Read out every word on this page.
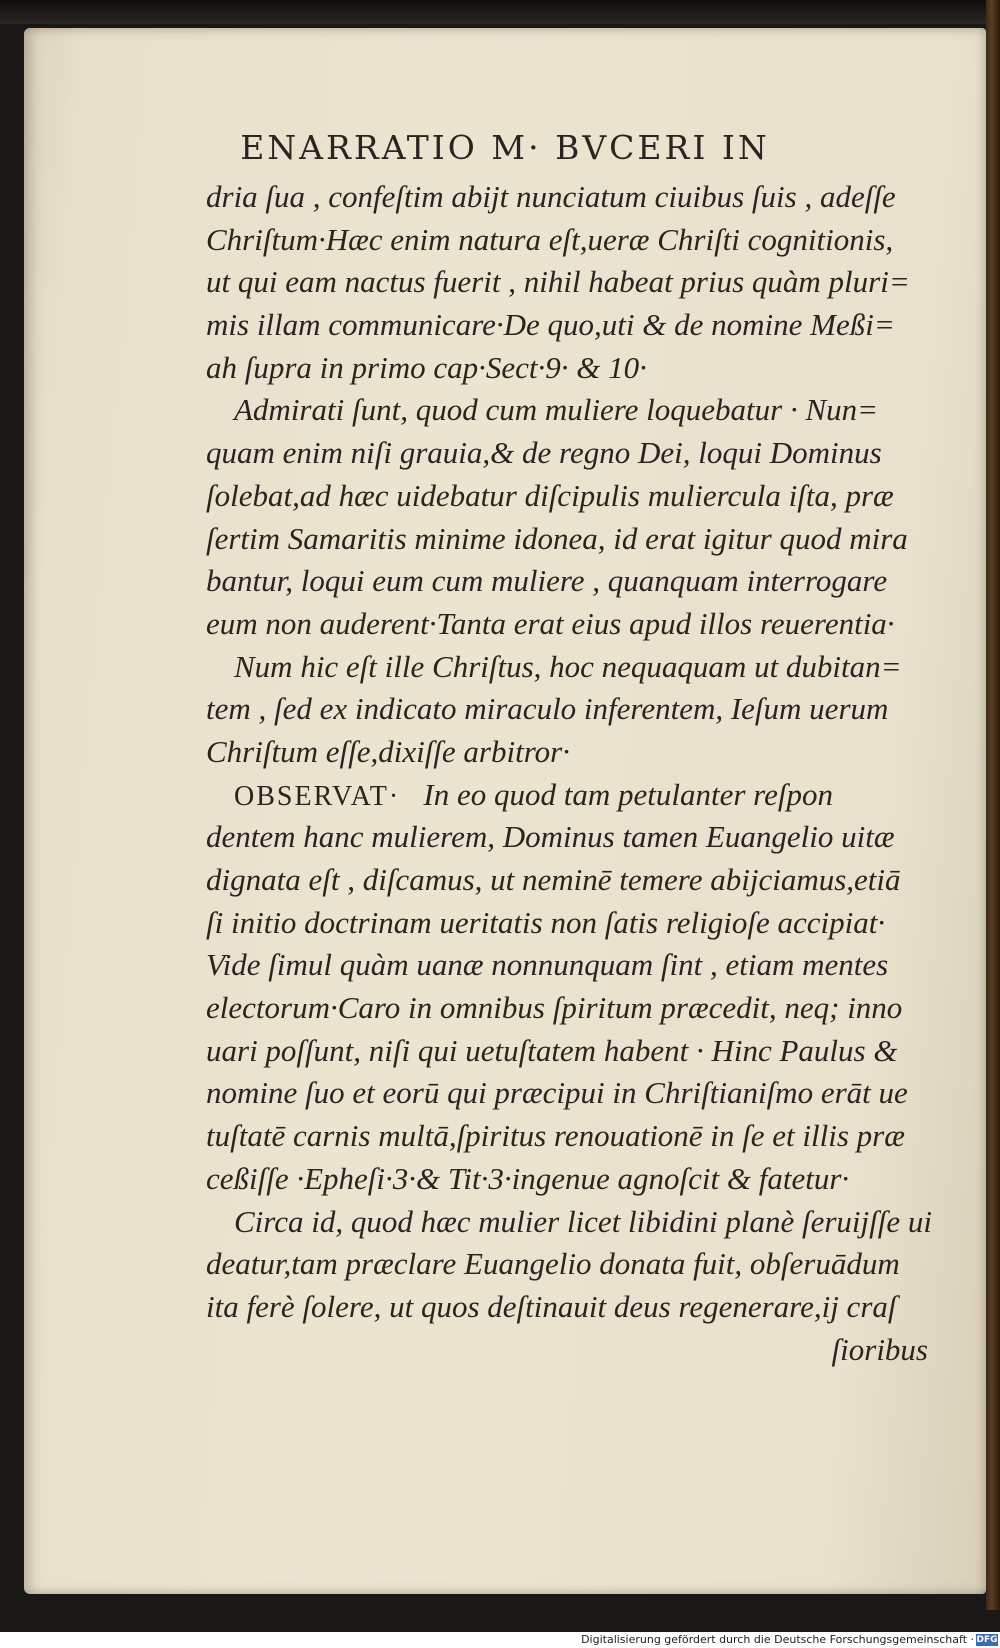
ENARRATIO M· BVCERI IN
dria ſua , confeſtim abijt nunciatum ciuibus ſuis , adeſſe
Chriſtum·Hæc enim natura eſt,ueræ Chriſti cognitionis,
ut qui eam nactus fuerit , nihil habeat prius quàm pluri=
mis illam communicare·De quo,uti & de nomine Meßi=
ah ſupra in primo cap·Sect·9· & 10·
Admirati ſunt, quod cum muliere loquebatur · Nun=
quam enim niſi grauia,& de regno Dei, loqui Dominus
ſolebat,ad hæc uidebatur diſcipulis muliercula iſta, præ
ſertim Samaritis minime idonea, id erat igitur quod mira
bantur, loqui eum cum muliere , quanquam interrogare
eum non auderent·Tanta erat eius apud illos reuerentia·
Num hic eſt ille Chriſtus, hoc nequaquam ut dubitan=
tem , ſed ex indicato miraculo inferentem, Ieſum uerum
Chriſtum eſſe,dixiſſe arbitror·
OBSERVAT· In eo quod tam petulanter reſpon
dentem hanc mulierem, Dominus tamen Euangelio uitæ
dignata eſt , diſcamus, ut neminē temere abijciamus,etiā
ſi initio doctrinam ueritatis non ſatis religioſe accipiat·
Vide ſimul quàm uanæ nonnunquam ſint , etiam mentes
electorum·Caro in omnibus ſpiritum præcedit, neq; inno
uari poſſunt, niſi qui uetuſtatem habent · Hinc Paulus &
nomine ſuo et eorū qui præcipui in Chriſtianiſmo erāt ue
tuſtatē carnis multā,ſpiritus renouationē in ſe et illis præ
ceßiſſe ·Epheſi·3·& Tit·3·ingenue agnoſcit & fatetur·
Circa id, quod hæc mulier licet libidini planè ſeruijſſe ui
deatur,tam præclare Euangelio donata fuit, obſeruādum
ita ferè ſolere, ut quos deſtinauit deus regenerare,ij craſ
ſioribus
Digitalisierung gefördert durch die Deutsche Forschungsgemeinschaft · DFG
